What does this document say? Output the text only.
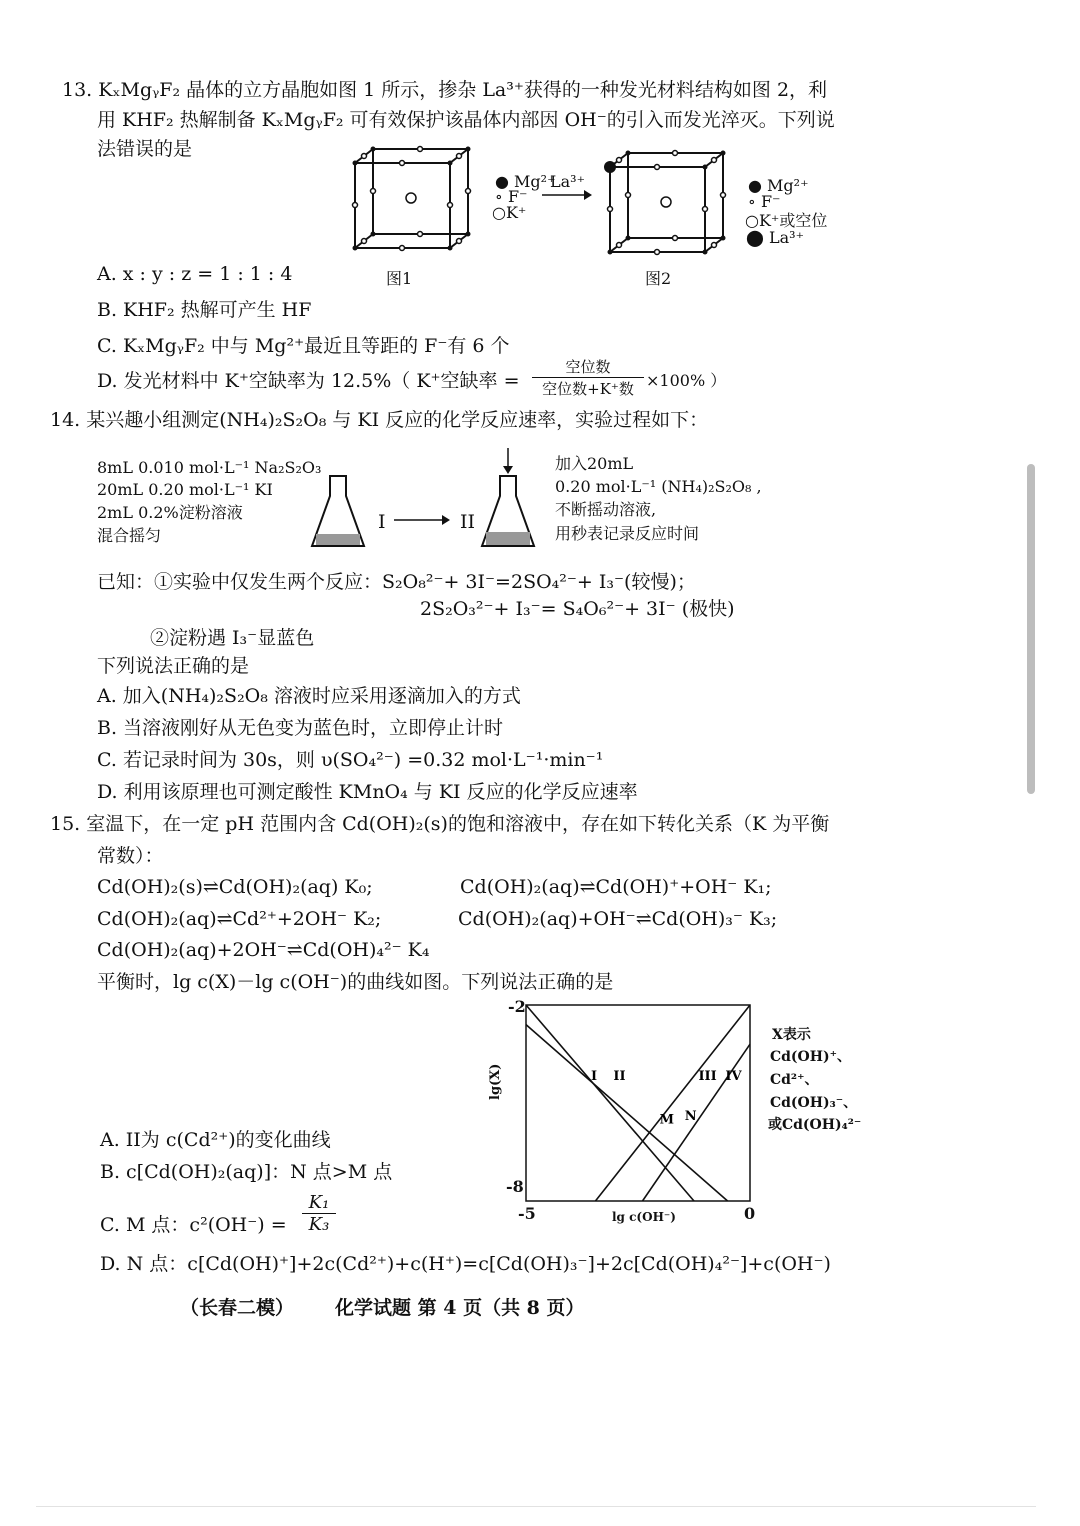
13. KₓMgᵧF₂ 晶体的立方晶胞如图 1 所示，掺杂 La³⁺获得的一种发光材料结构如图 2，利
用 KHF₂ 热解制备 KₓMgᵧF₂ 可有效保护该晶体内部因 OH⁻的引入而发光淬灭。下列说
法错误的是
● Mg²⁺
∘ F⁻
○K⁺
La³⁺	● Mg²⁺
∘ F⁻
○K⁺或空位
⬤ La³⁺
A. x : y : z = 1 : 1 : 4	图1	图2
B. KHF₂ 热解可产生 HF
C. KₓMgᵧF₂ 中与 Mg²⁺最近且等距的 F⁻有 6 个
D. 发光材料中 K⁺空缺率为 12.5%（ K⁺空缺率 =
空位数
空位数+K⁺数 ×100% ）
14. 某兴趣小组测定(NH₄)₂S₂O₈ 与 KI 反应的化学反应速率，实验过程如下：
8mL 0.010 mol·L⁻¹ Na₂S₂O₃
20mL 0.20 mol·L⁻¹ KI
2mL 0.2%淀粉溶液
混合摇匀
I → II
加入20mL
0.20 mol·L⁻¹ (NH₄)₂S₂O₈ ,
不断摇动溶液,
用秒表记录反应时间
已知：①实验中仅发生两个反应：S₂O₈²⁻+ 3I⁻=2SO₄²⁻+ I₃⁻(较慢)；
2S₂O₃²⁻+ I₃⁻= S₄O₆²⁻+ 3I⁻ (极快)
②淀粉遇 I₃⁻显蓝色
下列说法正确的是
A. 加入(NH₄)₂S₂O₈ 溶液时应采用逐滴加入的方式
B. 当溶液刚好从无色变为蓝色时，立即停止计时
C. 若记录时间为 30s，则 υ(SO₄²⁻) =0.32 mol·L⁻¹·min⁻¹
D. 利用该原理也可测定酸性 KMnO₄ 与 KI 反应的化学反应速率
15. 室温下，在一定 pH 范围内含 Cd(OH)₂(s)的饱和溶液中，存在如下转化关系（K 为平衡
常数）：
Cd(OH)₂(s)⇌Cd(OH)₂(aq) K₀;	Cd(OH)₂(aq)⇌Cd(OH)⁺+OH⁻ K₁;
Cd(OH)₂(aq)⇌Cd²⁺+2OH⁻ K₂;	Cd(OH)₂(aq)+OH⁻⇌Cd(OH)₃⁻ K₃;
Cd(OH)₂(aq)+2OH⁻⇌Cd(OH)₄²⁻ K₄
平衡时，lg c(X)－lg c(OH⁻)的曲线如图。下列说法正确的是
I II	III IV
M N
-2
-8
-5	0
lg c(OH⁻)
lg(X)
X表示
Cd(OH)⁺、
Cd²⁺、
Cd(OH)₃⁻、
或Cd(OH)₄²⁻
A. II为 c(Cd²⁺)的变化曲线
B. c[Cd(OH)₂(aq)]：N 点>M 点
C. M 点：$c^2(OH^-) = \frac{\text{K₁}}{\text{K₃}}$
D. N 点：c[Cd(OH)⁺]+2c(Cd²⁺)+c(H⁺)=c[Cd(OH)₃⁻]+2c[Cd(OH)₄²⁻]+c(OH⁻)
（长春二模） 化学试题 第 4 页（共 8 页）
